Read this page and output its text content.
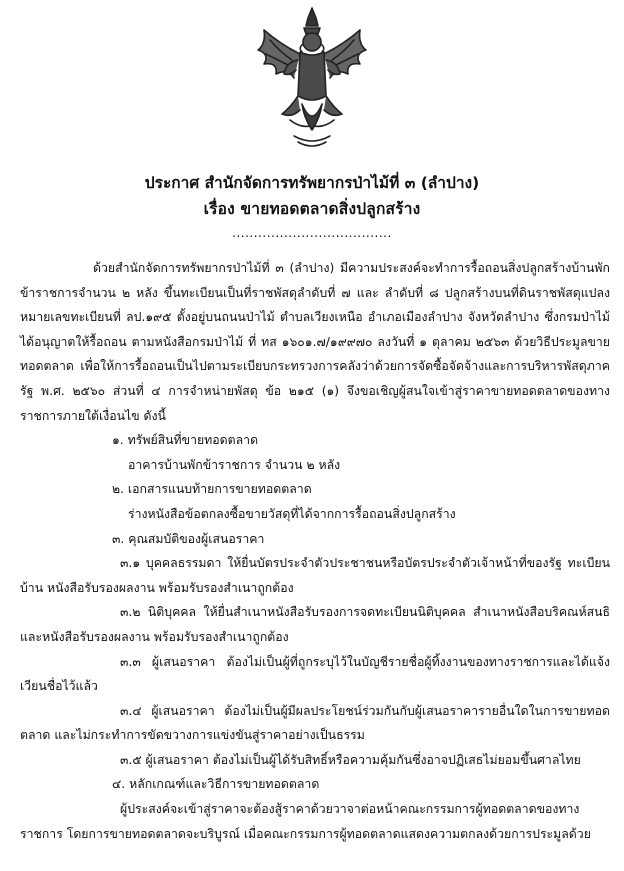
ประกาศ สำนักจัดการทรัพยากรป่าไม้ที่ ๓ (ลำปาง)
เรื่อง ขายทอดตลาดสิ่งปลูกสร้าง
.....................................

ด้วยสำนักจัดการทรัพยากรป่าไม้ที่ ๓ (ลำปาง) มีความประสงค์จะทำการรื้อถอนสิ่งปลูกสร้างบ้านพักข้าราชการจำนวน ๒ หลัง ขึ้นทะเบียนเป็นที่ราชพัสดุลำดับที่ ๗ และ ลำดับที่ ๘ ปลูกสร้างบนที่ดินราชพัสดุแปลงหมายเลขทะเบียนที่ ลป.๑๙๕ ตั้งอยู่บนถนนป่าไม้ ตำบลเวียงเหนือ อำเภอเมืองลำปาง จังหวัดลำปาง ซึ่งกรมป่าไม้ได้อนุญาตให้รื้อถอน ตามหนังสือกรมป่าไม้ ที่ ทส ๑๖๐๑.๗/๑๙๙๗๐ ลงวันที่ ๑ ตุลาคม ๒๕๖๓ ด้วยวิธีประมูลขายทอดตลาด เพื่อให้การรื้อถอนเป็นไปตามระเบียบกระทรวงการคลังว่าด้วยการจัดซื้อจัดจ้างและการบริหารพัสดุภาครัฐ พ.ศ. ๒๕๖๐ ส่วนที่ ๔ การจำหน่ายพัสดุ ข้อ ๒๑๕ (๑) จึงขอเชิญผู้สนใจเข้าสู่ราคาขายทอดตลาดของทางราชการภายใต้เงื่อนไข ดังนี้

๑. ทรัพย์สินที่ขายทอดตลาด

อาคารบ้านพักข้าราชการ จำนวน ๒ หลัง

๒. เอกสารแนบท้ายการขายทอดตลาด

ร่างหนังสือข้อตกลงซื้อขายวัสดุที่ได้จากการรื้อถอนสิ่งปลูกสร้าง

๓. คุณสมบัติของผู้เสนอราคา

๓.๑ บุคคลธรรมดา ให้ยื่นบัตรประจำตัวประชาชนหรือบัตรประจำตัวเจ้าหน้าที่ของรัฐ ทะเบียนบ้าน หนังสือรับรองผลงาน พร้อมรับรองสำเนาถูกต้อง

๓.๒ นิติบุคคล ให้ยื่นสำเนาหนังสือรับรองการจดทะเบียนนิติบุคคล สำเนาหนังสือบริคณห์สนธิ และหนังสือรับรองผลงาน พร้อมรับรองสำเนาถูกต้อง

๓.๓ ผู้เสนอราคา ต้องไม่เป็นผู้ที่ถูกระบุไว้ในบัญชีรายชื่อผู้ทิ้งงานของทางราชการและได้แจ้งเวียนชื่อไว้แล้ว

๓.๔ ผู้เสนอราคา ต้องไม่เป็นผู้มีผลประโยชน์ร่วมกันกับผู้เสนอราคารายอื่นใดในการขายทอดตลาด และไม่กระทำการขัดขวางการแข่งขันสู่ราคาอย่างเป็นธรรม

๓.๕ ผู้เสนอราคา ต้องไม่เป็นผู้ได้รับสิทธิ์หรือความคุ้มกันซึ่งอาจปฏิเสธไม่ยอมขึ้นศาลไทย

๔. หลักเกณฑ์และวิธีการขายทอดตลาด

ผู้ประสงค์จะเข้าสู่ราคาจะต้องสู้ราคาด้วยวาจาต่อหน้าคณะกรรมการผู้ทอดตลาดของทางราชการ โดยการขายทอดตลาดจะบริบูรณ์ เมื่อคณะกรรมการผู้ทอดตลาดแสดงความตกลงด้วยการประมูลด้วย
